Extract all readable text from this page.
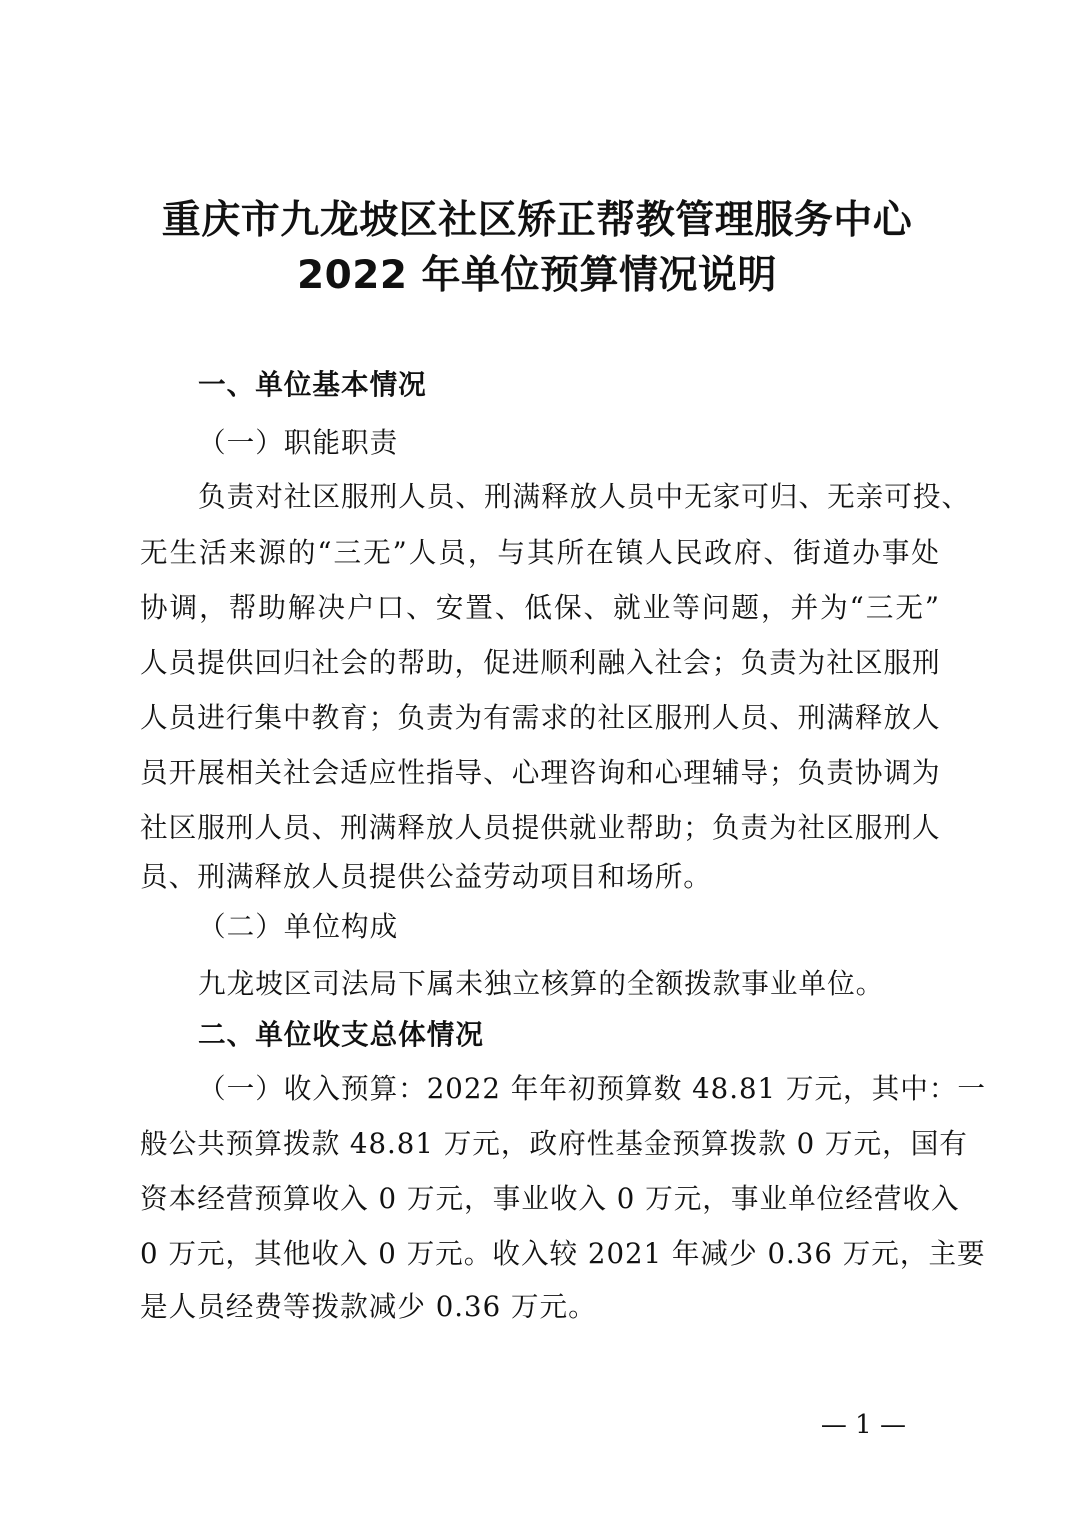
重庆市九龙坡区社区矫正帮教管理服务中心
2022 年单位预算情况说明
一、单位基本情况
（一）职能职责
负责对社区服刑人员、刑满释放人员中无家可归、无亲可投、
无生活来源的“三无”人员，与其所在镇人民政府、街道办事处
协调，帮助解决户口、安置、低保、就业等问题，并为“三无”
人员提供回归社会的帮助，促进顺利融入社会；负责为社区服刑
人员进行集中教育；负责为有需求的社区服刑人员、刑满释放人
员开展相关社会适应性指导、心理咨询和心理辅导；负责协调为
社区服刑人员、刑满释放人员提供就业帮助；负责为社区服刑人
员、刑满释放人员提供公益劳动项目和场所。
（二）单位构成
九龙坡区司法局下属未独立核算的全额拨款事业单位。
二、单位收支总体情况
（一）收入预算：2022 年年初预算数 48.81 万元，其中：一
般公共预算拨款 48.81 万元，政府性基金预算拨款 0 万元，国有
资本经营预算收入 0 万元，事业收入 0 万元，事业单位经营收入
0 万元，其他收入 0 万元。收入较 2021 年减少 0.36 万元，主要
是人员经费等拨款减少 0.36 万元。
— 1 —
